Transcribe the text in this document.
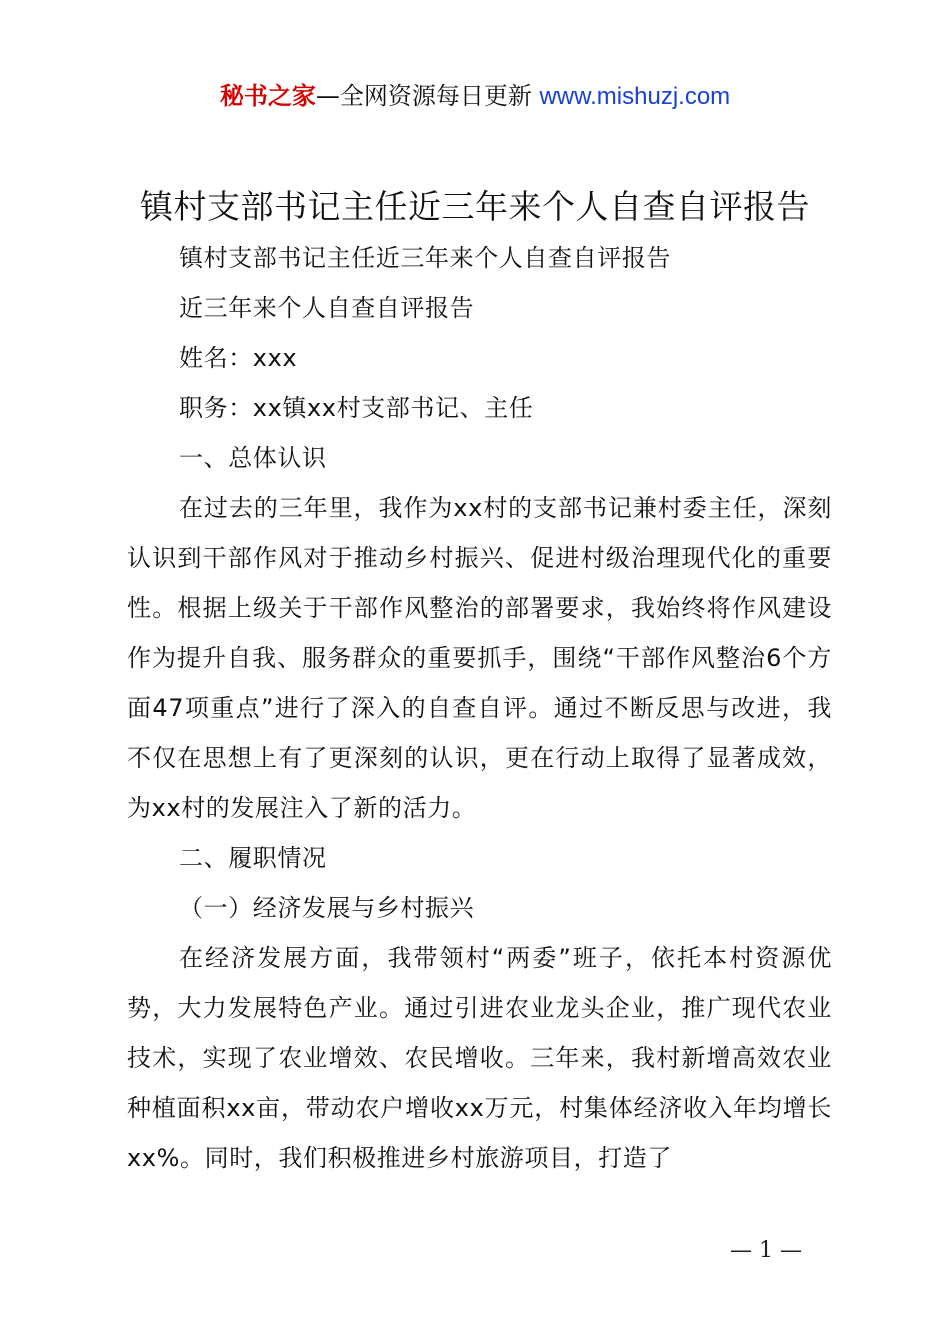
秘书之家—全网资源每日更新 www.mishuzj.com
镇村支部书记主任近三年来个人自查自评报告

镇村支部书记主任近三年来个人自查自评报告

近三年来个人自查自评报告

姓名：xxx

职务：xx镇xx村支部书记、主任

一、总体认识

在过去的三年里，我作为xx村的支部书记兼村委主任，深刻认识到干部作风对于推动乡村振兴、促进村级治理现代化的重要性。根据上级关于干部作风整治的部署要求，我始终将作风建设作为提升自我、服务群众的重要抓手，围绕“干部作风整治6个方面47项重点”进行了深入的自查自评。通过不断反思与改进，我不仅在思想上有了更深刻的认识，更在行动上取得了显著成效，为xx村的发展注入了新的活力。

二、履职情况

（一）经济发展与乡村振兴

在经济发展方面，我带领村“两委”班子，依托本村资源优势，大力发展特色产业。通过引进农业龙头企业，推广现代农业技术，实现了农业增效、农民增收。三年来，我村新增高效农业种植面积xx亩，带动农户增收xx万元，村集体经济收入年均增长xx%。同时，我们积极推进乡村旅游项目，打造了

— 1 —
